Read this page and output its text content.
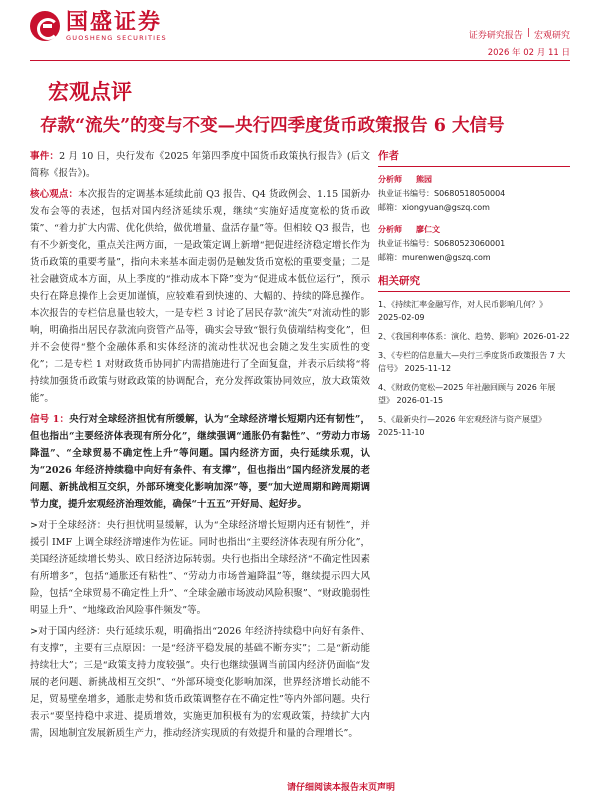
国盛证券
GUOSHENG SECURITIES	证券研究报告 | 宏观研究
2026 年 02 月 11 日
宏观点评
存款“流失”的变与不变—央行四季度货币政策报告 6 大信号

事件：2 月 10 日，央行发布《2025 年第四季度中国货币政策执行报告》(后文简称《报告》)。

核心观点：本次报告的定调基本延续此前 Q3 报告、Q4 货政例会、1.15 国新办发布会等的表述，包括对国内经济延续乐观，继续“实施好适度宽松的货币政策”、“着力扩大内需、优化供给，做优增量、盘活存量”等。但相较 Q3 报告，也有不少新变化，重点关注两方面，一是政策定调上新增“把促进经济稳定增长作为货币政策的重要考量”，指向未来基本面走弱仍是触发货币宽松的重要变量；二是社会融资成本方面，从上季度的“推动成本下降”变为“促进成本低位运行”，预示央行在降息操作上会更加谨慎，应较难看到快速的、大幅的、持续的降息操作。本次报告的专栏信息量也较大，一是专栏 3 讨论了居民存款“流失”对流动性的影响，明确指出居民存款流向资管产品等，确实会导致“银行负债端结构变化”，但并不会使得“整个金融体系和实体经济的流动性状况也会随之发生实质性的变化”；二是专栏 1 对财政货币协同扩内需措施进行了全面复盘，并表示后续将“将持续加强货币政策与财政政策的协调配合，充分发挥政策协同效应，放大政策效能”。

信号 1：央行对全球经济担忧有所缓解，认为“全球经济增长短期内还有韧性”，但也指出“主要经济体表现有所分化”，继续强调“通胀仍有黏性”、“劳动力市场降温”、“全球贸易不确定性上升”等问题。国内经济方面，央行延续乐观，认为“2026 年经济持续稳中向好有条件、有支撑”，但也指出“国内经济发展的老问题、新挑战相互交织，外部环境变化影响加深”等，要“加大逆周期和跨周期调节力度，提升宏观经济治理效能，确保“十五五”开好局、起好步。

>对于全球经济：央行担忧明显缓解，认为“全球经济增长短期内还有韧性”，并援引 IMF 上调全球经济增速作为佐证。同时也指出“主要经济体表现有所分化”，美国经济延续增长势头、欧日经济边际转弱。央行也指出全球经济“不确定性因素有所增多”，包括“通胀还有粘性”、“劳动力市场普遍降温”等，继续提示四大风险，包括“全球贸易不确定性上升”、“全球金融市场波动风险积聚”、“财政脆弱性明显上升”、“地缘政治风险事件频发”等。

>对于国内经济：央行延续乐观，明确指出“2026 年经济持续稳中向好有条件、有支撑”，主要有三点原因：一是“经济平稳发展的基础不断夯实”；二是“新动能持续壮大”；三是“政策支持力度较强”。央行也继续强调当前国内经济仍面临“发展的老问题、新挑战相互交织”、“外部环境变化影响加深，世界经济增长动能不足，贸易壁垒增多，通胀走势和货币政策调整存在不确定性”等内外部问题。央行表示“要坚持稳中求进、提质增效，实施更加积极有为的宏观政策，持续扩大内需，因地制宜发展新质生产力，推动经济实现质的有效提升和量的合理增长”。

作者
分析师 熊园
执业证书编号：S0680518050004
邮箱：xiongyuan@gszq.com
分析师 廖仁文
执业证书编号：S0680523060001
邮箱：murenwen@gszq.com
相关研究
1、《持续汇率金融写作，对人民币影响几何？》 2025-02-09
2、《我国利率体系：演化、趋势、影响》2026-01-22
3、《专栏的信息量大—央行三季度货币政策报告 7 大信号》 2025-11-12
4、《财政仍宽松—2025 年社融回顾与 2026 年展望》 2026-01-15
5、《最新央行—2026 年宏观经济与资产展望》 2025-11-10
请仔细阅读本报告末页声明
